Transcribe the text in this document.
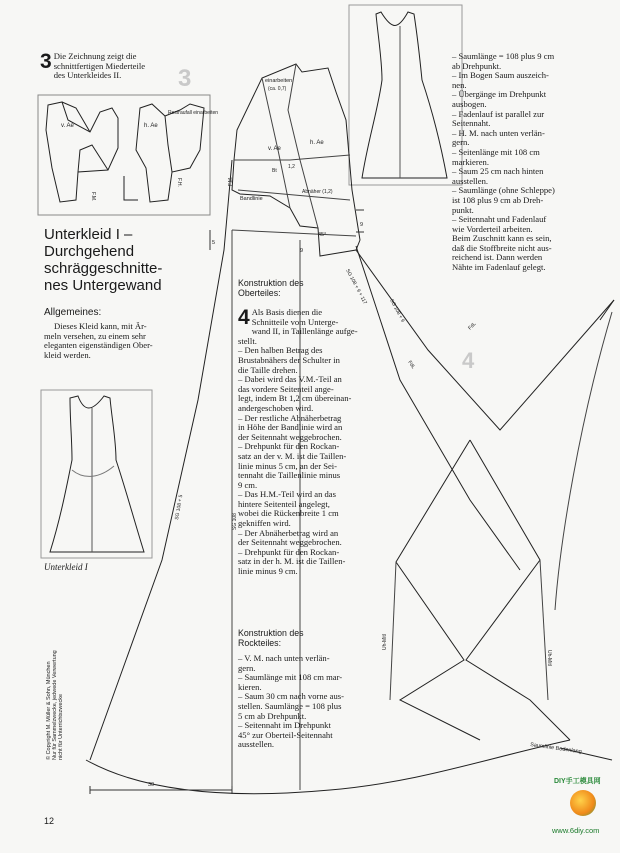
v. Ae	h. Ae
Restraufall einarbeiten
F.M.
F.H.
einarbeiten
(ca. 0,7)
v. Ae
h. Ae
Bandlinie
Bt
1,2
Abnäher (1,2)
45°
5
9
9
F.M.
SG 108 + 5
SG 108
SG 108 + 9
SG 108 + 9 + 117
FdL
FdL
Uh-Mitl
Uh-Mitl
Saumlinie Bodenlang
30
3
4
3 Die Zeichnung zeigt die
schnittfertigen Miederteile
des Unterkleides II.
Unterkleid I –
Durchgehend
schräggeschnitte-
nes Untergewand
Allgemeines:
Dieses Kleid kann, mit Är-
meln versehen, zu einem sehr
eleganten eigenständigen Ober-
kleid werden.
Unterkleid I
Konstruktion des
Oberteiles:
4 Als Basis dienen die
Schnitteile vom Unterge-
wand II, in Taillenlänge aufge-
stellt.
– Den halben Betrag des
Brustabnähers der Schulter in
die Taille drehen.
– Dabei wird das V.M.-Teil an
das vordere Seitenteil ange-
legt, indem Bt 1,2 cm übereinan-
andergeschoben wird.
– Der restliche Abnäherbetrag
in Höhe der Bandlinie wird an
der Seitennaht weggebrochen.
– Drehpunkt für den Rockan-
satz an der v. M. ist die Taillen-
linie minus 5 cm, an der Sei-
tennaht die Taillenlinie minus
9 cm.
– Das H.M.-Teil wird an das
hintere Seitenteil angelegt,
wobei die Rückenbreite 1 cm
gekniffen wird.
– Der Abnäherbetrag wird an
der Seitennaht weggebrochen.
– Drehpunkt für den Rockan-
satz in der h. M. ist die Taillen-
linie minus 9 cm.
Konstruktion des
Rockteiles:
– V. M. nach unten verlän-
gern.
– Saumlänge mit 108 cm mar-
kieren.
– Saum 30 cm nach vorne aus-
stellen. Saumlänge = 108 plus
5 cm ab Drehpunkt.
– Seitennaht im Drehpunkt
45° zur Oberteil-Seitennaht
ausstellen.
– Saumlänge = 108 plus 9 cm
ab Drehpunkt.
– Im Bogen Saum auszeich-
nen.
– Übergänge im Drehpunkt
ausbogen.
– Fadenlauf ist parallel zur
Seitennaht.
– H. M. nach unten verlän-
gern.
– Seitenlänge mit 108 cm
markieren.
– Saum 25 cm nach hinten
ausstellen.
– Saumlänge (ohne Schleppe)
ist 108 plus 9 cm ab Dreh-
punkt.
– Seitennaht und Fadenlauf
wie Vorderteil arbeiten.
Beim Zuschnitt kann es sein,
daß die Stoffbreite nicht aus-
reichend ist. Dann werden
Nähte im Fadenlauf gelegt.
© Copyright M. Müller & Sohn, München Nur für Sammelzwecke, jedwede Verwertung nicht für Unterrichtszwecke
12
DIY手工模具网
www.6diy.com
